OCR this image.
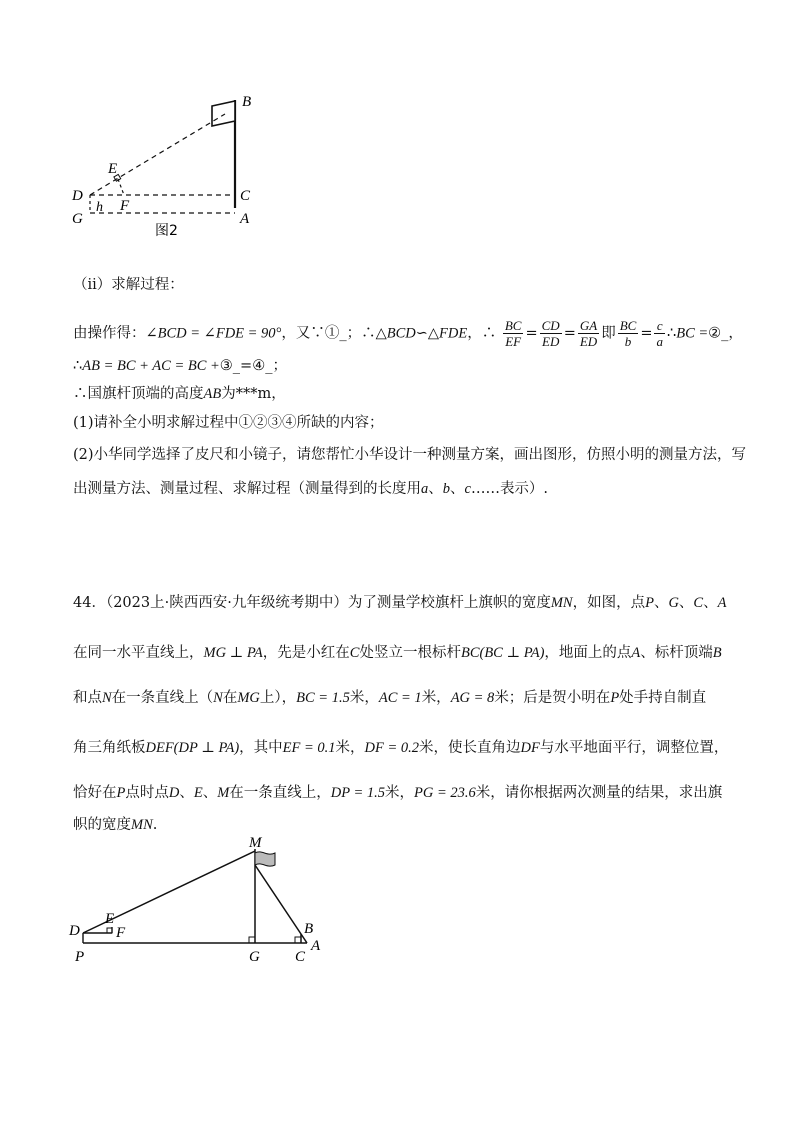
B
E
D	C
h F
G	A
图2
（ii）求解过程：
由操作得：∠BCD = ∠FDE = 90°，又∵①_；∴△BCD∽△FDE，∴ $\frac{BC}{EF} = \frac{CD}{ED} = \frac{GA}{ED}$ 即 $\frac{BC}{b} = \frac{c}{a}$ ∴BC =②_，
∴AB = BC + AC = BC +③_=④_；
∴国旗杆顶端的高度AB为***m，
(1)请补全小明求解过程中①②③④所缺的内容；
(2)小华同学选择了皮尺和小镜子，请您帮忙小华设计一种测量方案，画出图形，仿照小明的测量方法，写
出测量方法、测量过程、求解过程（测量得到的长度用a、b、c……表示）.
44．（2023上·陕西西安·九年级统考期中）为了测量学校旗杆上旗帜的宽度MN，如图，点P、G、C、A
在同一水平直线上，MG ⊥ PA，先是小红在C处竖立一根标杆BC(BC ⊥ PA)，地面上的点A、标杆顶端B
和点N在一条直线上（N在MG上），BC = 1.5米，AC = 1米，AG = 8米；后是贺小明在P处手持自制直
角三角纸板DEF(DP ⊥ PA)，其中EF = 0.1米，DF = 0.2米，使长直角边DF与水平地面平行，调整位置，
恰好在P点时点D、E、M在一条直线上，DP = 1.5米，PG = 23.6米，请你根据两次测量的结果，求出旗
帜的宽度MN.
M
E
D F	B
A
P	G C
